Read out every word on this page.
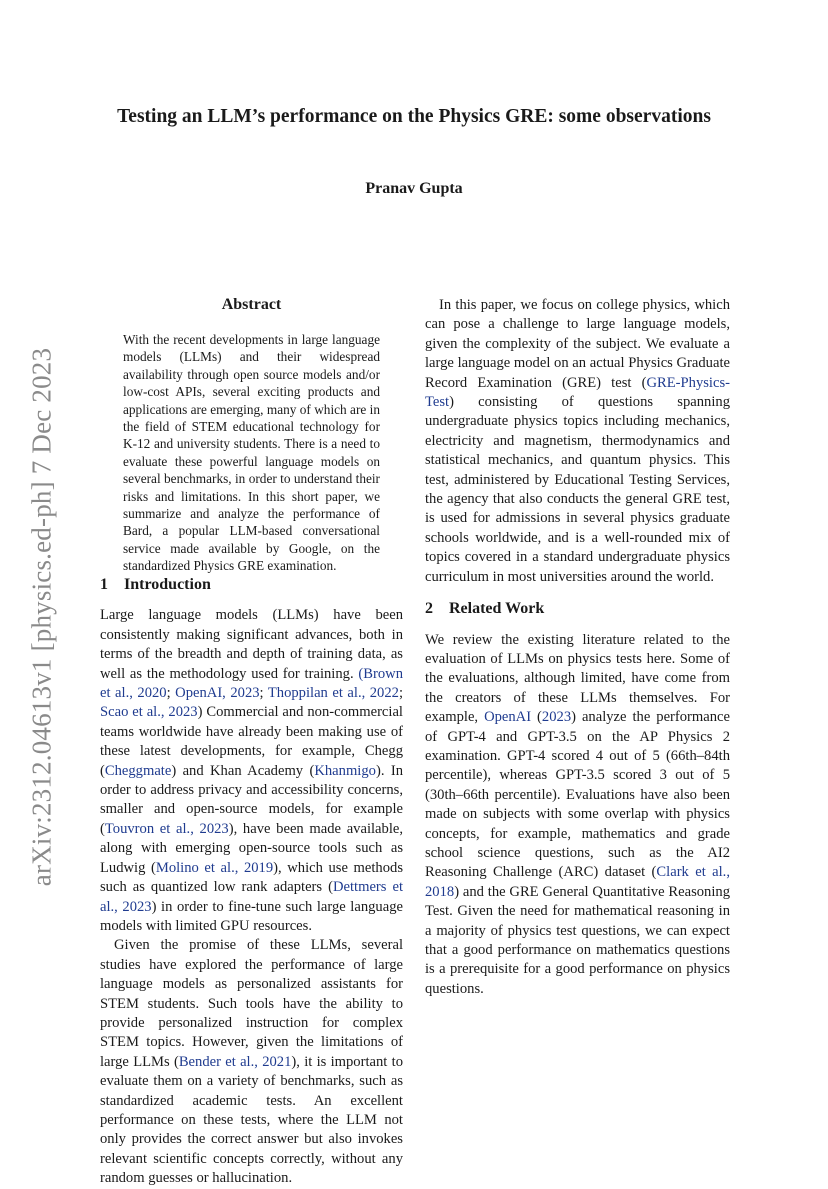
arXiv:2312.04613v1 [physics.ed-ph] 7 Dec 2023
Testing an LLM’s performance on the Physics GRE: some observations
Pranav Gupta
Abstract
With the recent developments in large language models (LLMs) and their widespread availability through open source models and/or low-cost APIs, several exciting products and applications are emerging, many of which are in the field of STEM educational technology for K-12 and university students. There is a need to evaluate these powerful language models on several benchmarks, in order to understand their risks and limitations. In this short paper, we summarize and analyze the performance of Bard, a popular LLM-based conversational service made available by Google, on the standardized Physics GRE examination.
1 Introduction

Large language models (LLMs) have been consistently making significant advances, both in terms of the breadth and depth of training data, as well as the methodology used for training. (Brown et al., 2020; OpenAI, 2023; Thoppilan et al., 2022; Scao et al., 2023) Commercial and non-commercial teams worldwide have already been making use of these latest developments, for example, Chegg (Cheggmate) and Khan Academy (Khanmigo). In order to address privacy and accessibility concerns, smaller and open-source models, for example (Touvron et al., 2023), have been made available, along with emerging open-source tools such as Ludwig (Molino et al., 2019), which use methods such as quantized low rank adapters (Dettmers et al., 2023) in order to fine-tune such large language models with limited GPU resources.

Given the promise of these LLMs, several studies have explored the performance of large language models as personalized assistants for STEM students. Such tools have the ability to provide personalized instruction for complex STEM topics. However, given the limitations of large LLMs (Bender et al., 2021), it is important to evaluate them on a variety of benchmarks, such as standardized academic tests. An excellent performance on these tests, where the LLM not only provides the correct answer but also invokes relevant scientific concepts correctly, without any random guesses or hallucination.

In this paper, we focus on college physics, which can pose a challenge to large language models, given the complexity of the subject. We evaluate a large language model on an actual Physics Graduate Record Examination (GRE) test (GRE-Physics-Test) consisting of questions spanning undergraduate physics topics including mechanics, electricity and magnetism, thermodynamics and statistical mechanics, and quantum physics. This test, administered by Educational Testing Services, the agency that also conducts the general GRE test, is used for admissions in several physics graduate schools worldwide, and is a well-rounded mix of topics covered in a standard undergraduate physics curriculum in most universities around the world.

2 Related Work

We review the existing literature related to the evaluation of LLMs on physics tests here. Some of the evaluations, although limited, have come from the creators of these LLMs themselves. For example, OpenAI (2023) analyze the performance of GPT-4 and GPT-3.5 on the AP Physics 2 examination. GPT-4 scored 4 out of 5 (66th–84th percentile), whereas GPT-3.5 scored 3 out of 5 (30th–66th percentile). Evaluations have also been made on subjects with some overlap with physics concepts, for example, mathematics and grade school science questions, such as the AI2 Reasoning Challenge (ARC) dataset (Clark et al., 2018) and the GRE General Quantitative Reasoning Test. Given the need for mathematical reasoning in a majority of physics test questions, we can expect that a good performance on mathematics questions is a prerequisite for a good performance on physics questions.
